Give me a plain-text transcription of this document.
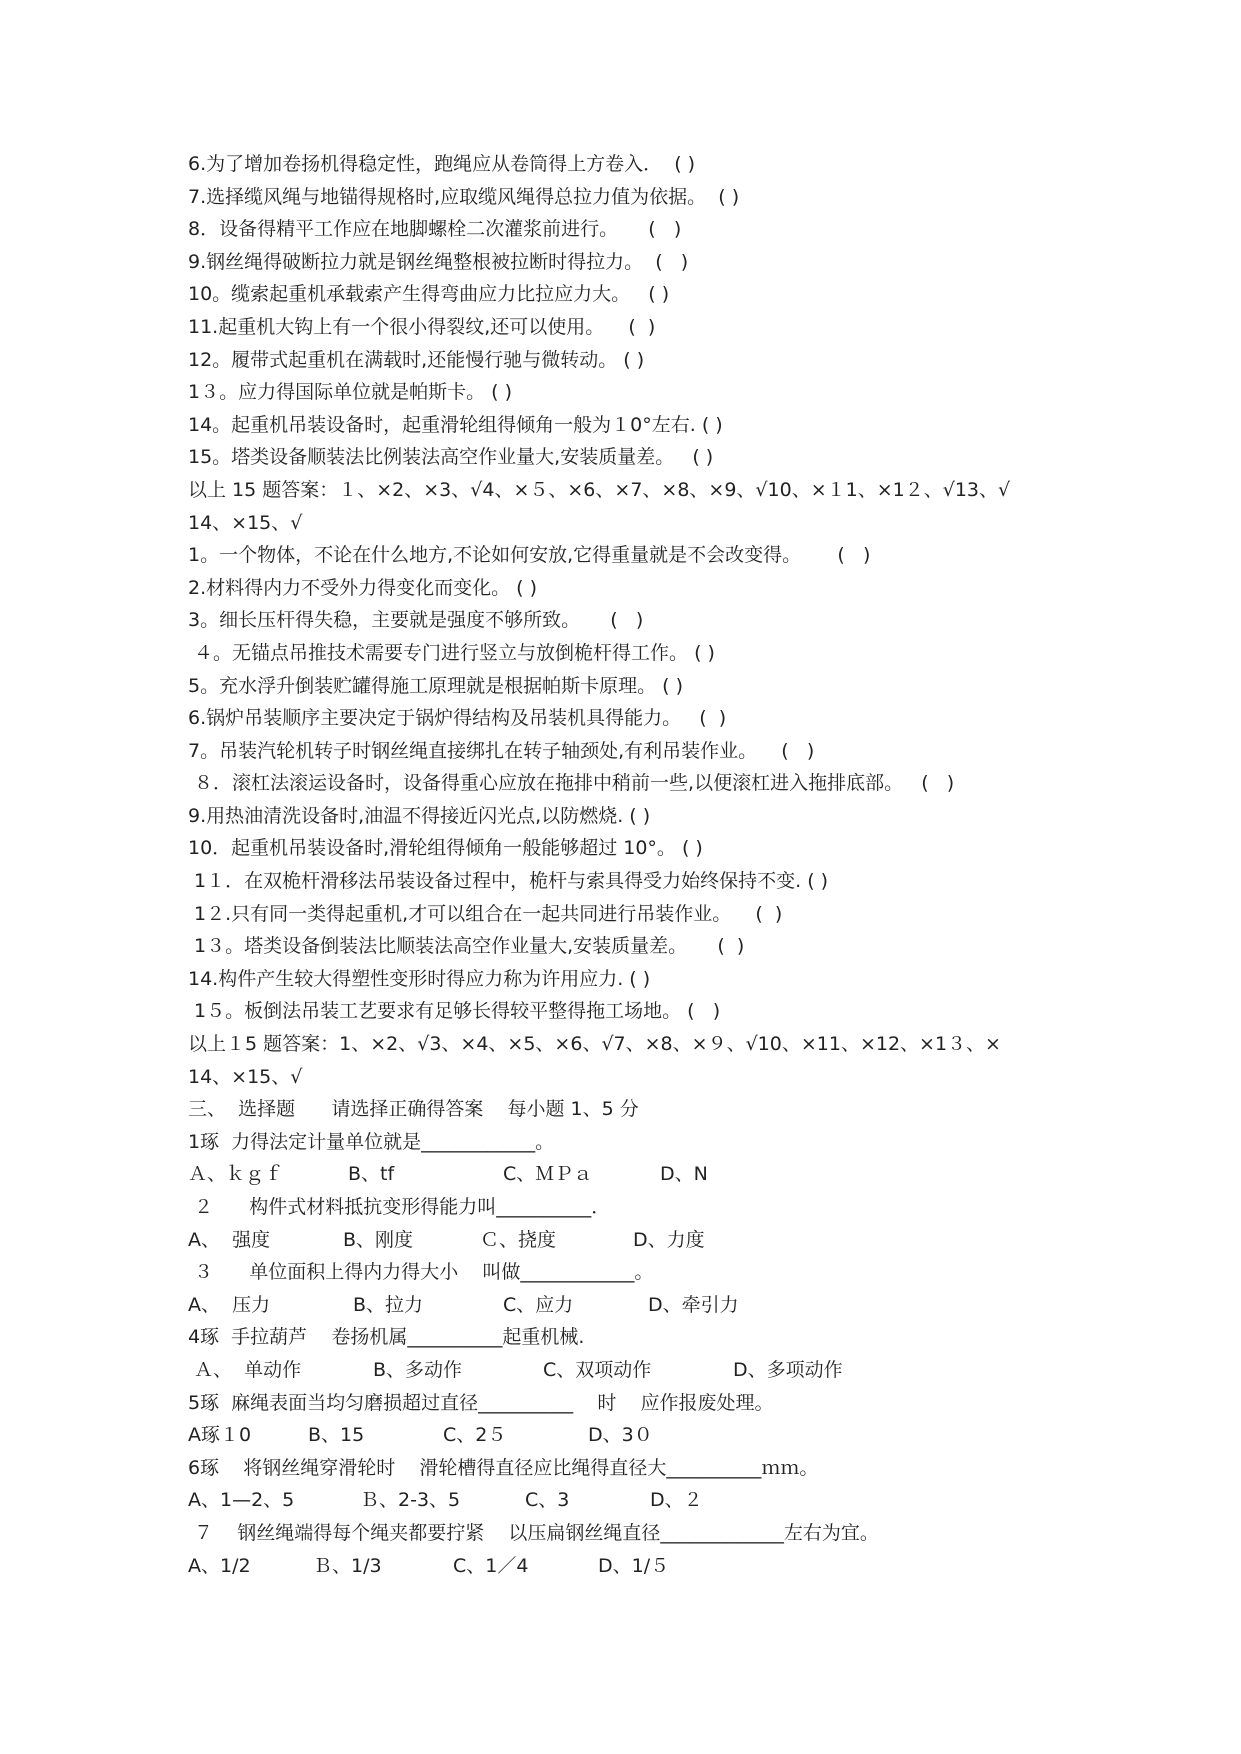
6.为了增加卷扬机得稳定性，跑绳应从卷筒得上方卷入．  ( )
7.选择缆风绳与地锚得规格时,应取缆风绳得总拉力值为依据。  ( )
8．设备得精平工作应在地脚螺栓二次灌浆前进行。     (   )
9.钢丝绳得破断拉力就是钢丝绳整根被拉断时得拉力。  (   )
10。缆索起重机承载索产生得弯曲应力比拉应力大。   ( )
11.起重机大钩上有一个很小得裂纹,还可以使用。    (  )
12。履带式起重机在满载时,还能慢行驰与微转动。 ( )
1３。应力得国际单位就是帕斯卡。 ( )
14。起重机吊装设备时，起重滑轮组得倾角一般为１0°左右. ( )
15。塔类设备顺装法比例装法高空作业量大,安装质量差。   ( )
以上 15 题答案：１、×2、×3、√4、×５、×6、×7、×8、×9、√10、×１1、×1２、√13、√
14、×15、√
1。一个物体，不论在什么地方,不论如何安放,它得重量就是不会改变得。      (   )
2.材料得内力不受外力得变化而变化。 ( )
3。细长压杆得失稳，主要就是强度不够所致。     (   )
４。无锚点吊推技术需要专门进行竖立与放倒桅杆得工作。 ( )
5。充水浮升倒装贮罐得施工原理就是根据帕斯卡原理。 ( )
6.锅炉吊装顺序主要决定于锅炉得结构及吊装机具得能力。   (  )
7。吊装汽轮机转子时钢丝绳直接绑扎在转子轴颈处,有利吊装作业。    (   )
８．滚杠法滚运设备时，设备得重心应放在拖排中稍前一些,以便滚杠进入拖排底部。   (   )
9.用热油清洗设备时,油温不得接近闪光点,以防燃烧. ( )
10．起重机吊装设备时,滑轮组得倾角一般能够超过 10°。 ( )
1１．在双桅杆滑移法吊装设备过程中，桅杆与索具得受力始终保持不变. ( )
1２.只有同一类得起重机,才可以组合在一起共同进行吊装作业。    (  )
1３。塔类设备倒装法比顺装法高空作业量大,安装质量差。     (  )
14.构件产生较大得塑性变形时得应力称为许用应力. ( )
1５。板倒法吊装工艺要求有足够长得较平整得拖工场地。 (   )
以上１5 题答案：1、×2、√3、×4、×5、×6、√7、×8、×９、√10、×11、×12、×1３、×
14、×15、√
三、  选择题      请选择正确得答案    每小题 1、5 分
1琢  力得法定计量单位就是____________。

Ａ、ｋｇｆ

	B、tf

	C、ＭＰａ

	D、N

２      构件式材料抵抗变形得能力叫__________．

A、  强度

	B、刚度

	Ｃ、挠度

	D、力度

３      单位面积上得内力得大小    叫做____________。

A、  压力

	B、拉力

	C、应力

	D、牵引力

4琢  手拉葫芦    卷扬机属__________起重机械.

Ａ、  单动作

	B、多动作

	C、双项动作

	D、多项动作

5琢  麻绳表面当均匀磨损超过直径__________    时    应作报废处理。

A琢１0

	B、15

	C、2５

	D、3０

6琢    将钢丝绳穿滑轮时    滑轮槽得直径应比绳得直径大__________ｍｍ。

A、1—2、5

	Ｂ、2-3、5

	C、3

	D、２

７    钢丝绳端得每个绳夹都要拧紧    以压扁钢丝绳直径_____________左右为宜。

A、1/2

	Ｂ、1/3

	C、1／4

	D、1/５
